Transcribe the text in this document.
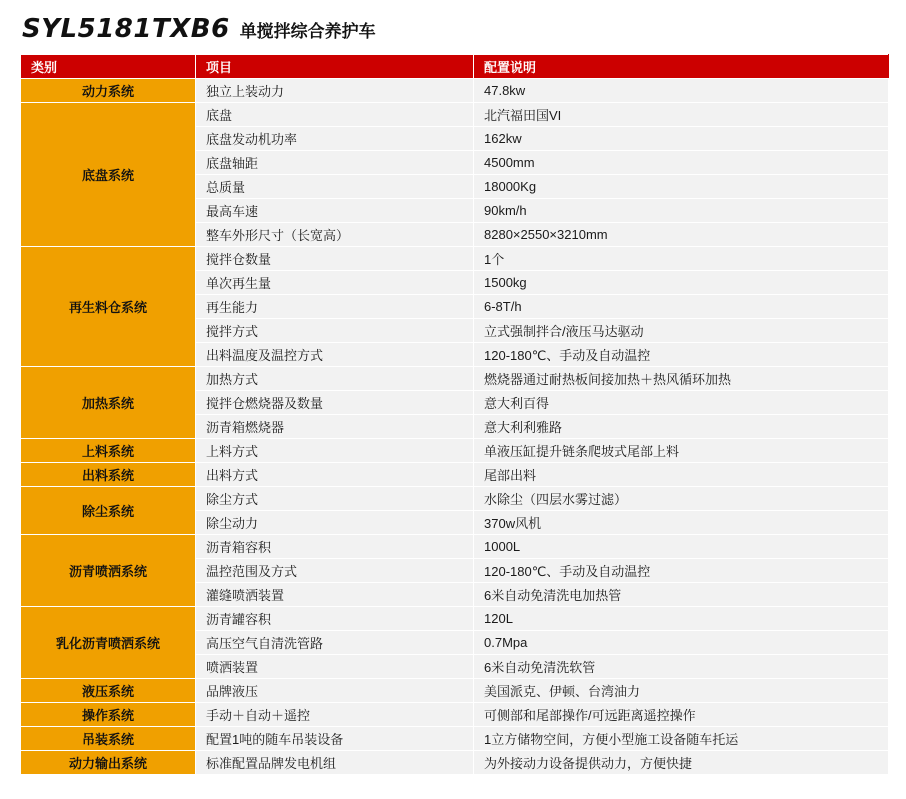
SYL5181TXB6 单搅拌综合养护车
类别	项目	配置说明
动力系统	独立上装动力	47.8kw
底盘系统	底盘	北汽福田国VI
	底盘发动机功率	162kw
	底盘轴距	4500mm
	总质量	18000Kg
	最高车速	90km/h
	整车外形尺寸（长宽高）	8280×2550×3210mm
再生料仓系统	搅拌仓数量	1个
	单次再生量	1500kg
	再生能力	6-8T/h
	搅拌方式	立式强制拌合/液压马达驱动
	出料温度及温控方式	120-180℃、手动及自动温控
加热系统	加热方式	燃烧器通过耐热板间接加热＋热风循环加热
	搅拌仓燃烧器及数量	意大利百得
	沥青箱燃烧器	意大利利雅路
上料系统	上料方式	单液压缸提升链条爬坡式尾部上料
出料系统	出料方式	尾部出料
除尘系统	除尘方式	水除尘（四层水雾过滤）
	除尘动力	370w风机
沥青喷洒系统	沥青箱容积	1000L
	温控范围及方式	120-180℃、手动及自动温控
	灌缝喷洒装置	6米自动免清洗电加热管
乳化沥青喷洒系统	沥青罐容积	120L
	高压空气自清洗管路	0.7Mpa
	喷洒装置	6米自动免清洗软管
液压系统	品牌液压	美国派克、伊顿、台湾油力
操作系统	手动＋自动＋遥控	可侧部和尾部操作/可远距离遥控操作
吊装系统	配置1吨的随车吊装设备	1立方储物空间，方便小型施工设备随车托运
动力输出系统	标准配置品牌发电机组	为外接动力设备提供动力，方便快捷
